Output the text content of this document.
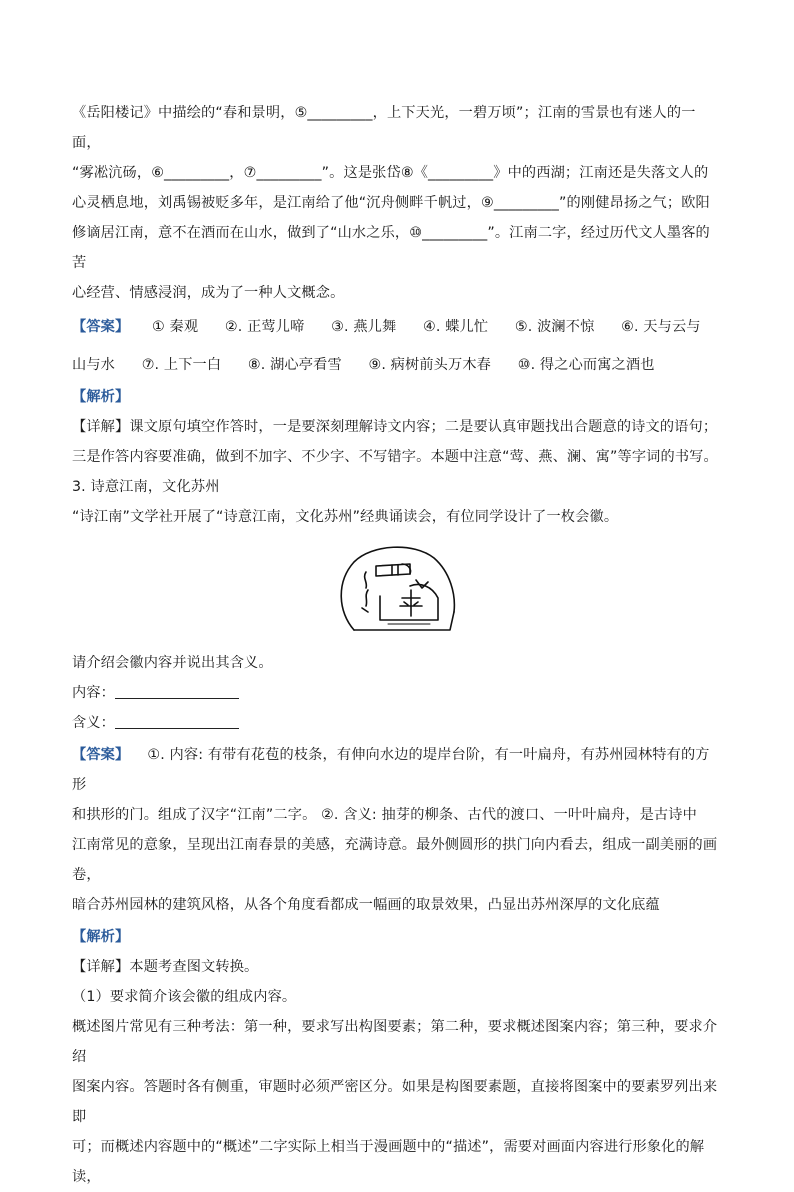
《岳阳楼记》中描绘的“春和景明，⑤_________，上下天光，一碧万顷”；江南的雪景也有迷人的一面，

“雾凇沆砀，⑥_________，⑦_________”。这是张岱⑧《_________》中的西湖；江南还是失落文人的

心灵栖息地，刘禹锡被贬多年，是江南给了他“沉舟侧畔千帆过，⑨_________”的刚健昂扬之气；欧阳

修谪居江南，意不在酒而在山水，做到了“山水之乐，⑩_________”。江南二字，经过历代文人墨客的苦

心经营、情感浸润，成为了一种人文概念。

【答案】 ① 秦观 ②. 正莺儿啼 ③. 燕儿舞 ④. 蝶儿忙 ⑤. 波澜不惊 ⑥. 天与云与

山与水 ⑦. 上下一白 ⑧. 湖心亭看雪 ⑨. 病树前头万木春 ⑩. 得之心而寓之酒也

【解析】

【详解】课文原句填空作答时，一是要深刻理解诗文内容；二是要认真审题找出合题意的诗文的语句；

三是作答内容要准确，做到不加字、不少字、不写错字。本题中注意“莺、燕、澜、寓”等字词的书写。

3. 诗意江南，文化苏州

“诗江南”文学社开展了“诗意江南，文化苏州”经典诵读会，有位同学设计了一枚会徽。

请介绍会徽内容并说出其含义。

内容：

含义：

【答案】 ①. 内容: 有带有花苞的枝条，有伸向水边的堤岸台阶，有一叶扁舟，有苏州园林特有的方形

和拱形的门。组成了汉字“江南”二字。 ②. 含义: 抽芽的柳条、古代的渡口、一叶叶扁舟，是古诗中

江南常见的意象，呈现出江南春景的美感，充满诗意。最外侧圆形的拱门向内看去，组成一副美丽的画卷，

暗合苏州园林的建筑风格，从各个角度看都成一幅画的取景效果，凸显出苏州深厚的文化底蕴

【解析】

【详解】本题考查图文转换。

（1）要求简介该会徽的组成内容。

概述图片常见有三种考法：第一种，要求写出构图要素；第二种，要求概述图案内容；第三种，要求介绍

图案内容。答题时各有侧重，审题时必须严密区分。如果是构图要素题，直接将图案中的要素罗列出来即

可；而概述内容题中的“概述”二字实际上相当于漫画题中的“描述”，需要对画面内容进行形象化的解读，
